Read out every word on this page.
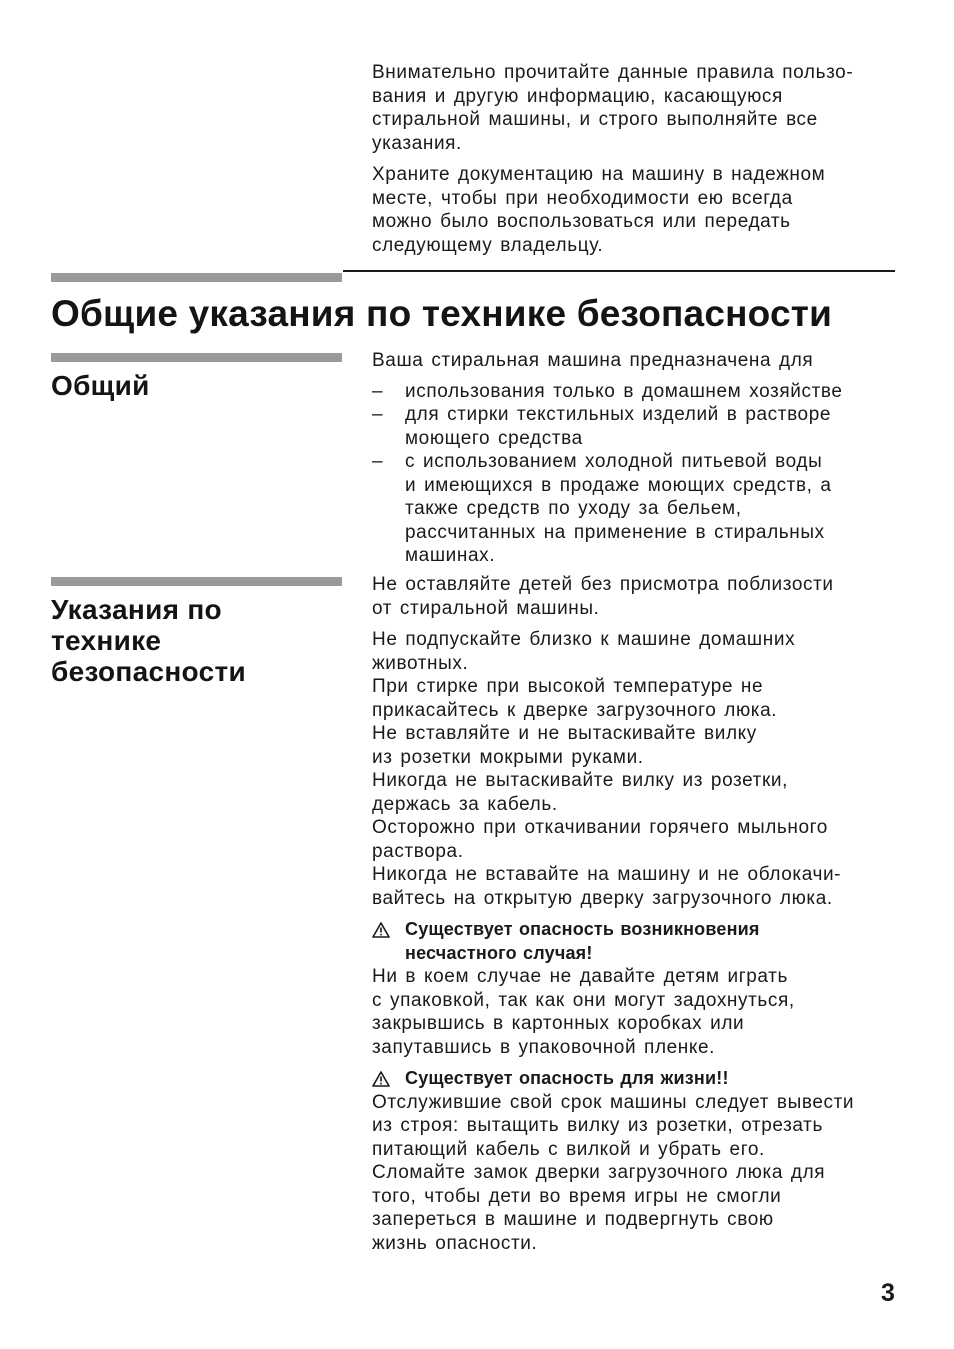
Внимательно прочитайте данные правила пользо-
вания и другую информацию, касающуюся
стиральной машины, и строго выполняйте все
указания.

Храните документацию на машину в надежном
месте, чтобы при необходимости ею всегда
можно было воспользоваться или передать
следующему владельцу.

Общие указания по технике безопасности
Общий
Ваша стиральная машина предназначена для
–	использования только в домашнем хозяйстве
–	для стирки текстильных изделий в растворе
моющего средства
–	с использованием холодной питьевой воды
и имеющихся в продаже моющих средств, а
также средств по уходу за бельем,
рассчитанных на применение в стиральных
машинах.
Указания по
технике
безопасности

Не оставляйте детей без присмотра поблизости
от стиральной машины.

Не подпускайте близко к машине домашних
животных.
При стирке при высокой температуре не
прикасайтесь к дверке загрузочного люка.
Не вставляйте и не вытаскивайте вилку
из розетки мокрыми руками.
Никогда не вытаскивайте вилку из розетки,
держась за кабель.
Осторожно при откачивании горячего мыльного
раствора.
Никогда не вставайте на машину и не облокачи-
вайтесь на открытую дверку загрузочного люка.

Существует опасность возникновения
несчастного случая!
Ни в коем случае не давайте детям играть
с упаковкой, так как они могут задохнуться,
закрывшись в картонных коробках или
запутавшись в упаковочной пленке.
Существует опасность для жизни!!
Отслужившие свой срок машины следует вывести
из строя: вытащить вилку из розетки, отрезать
питающий кабель с вилкой и убрать его.
Сломайте замок дверки загрузочного люка для
того, чтобы дети во время игры не смогли
запереться в машине и подвергнуть свою
жизнь опасности.
3
